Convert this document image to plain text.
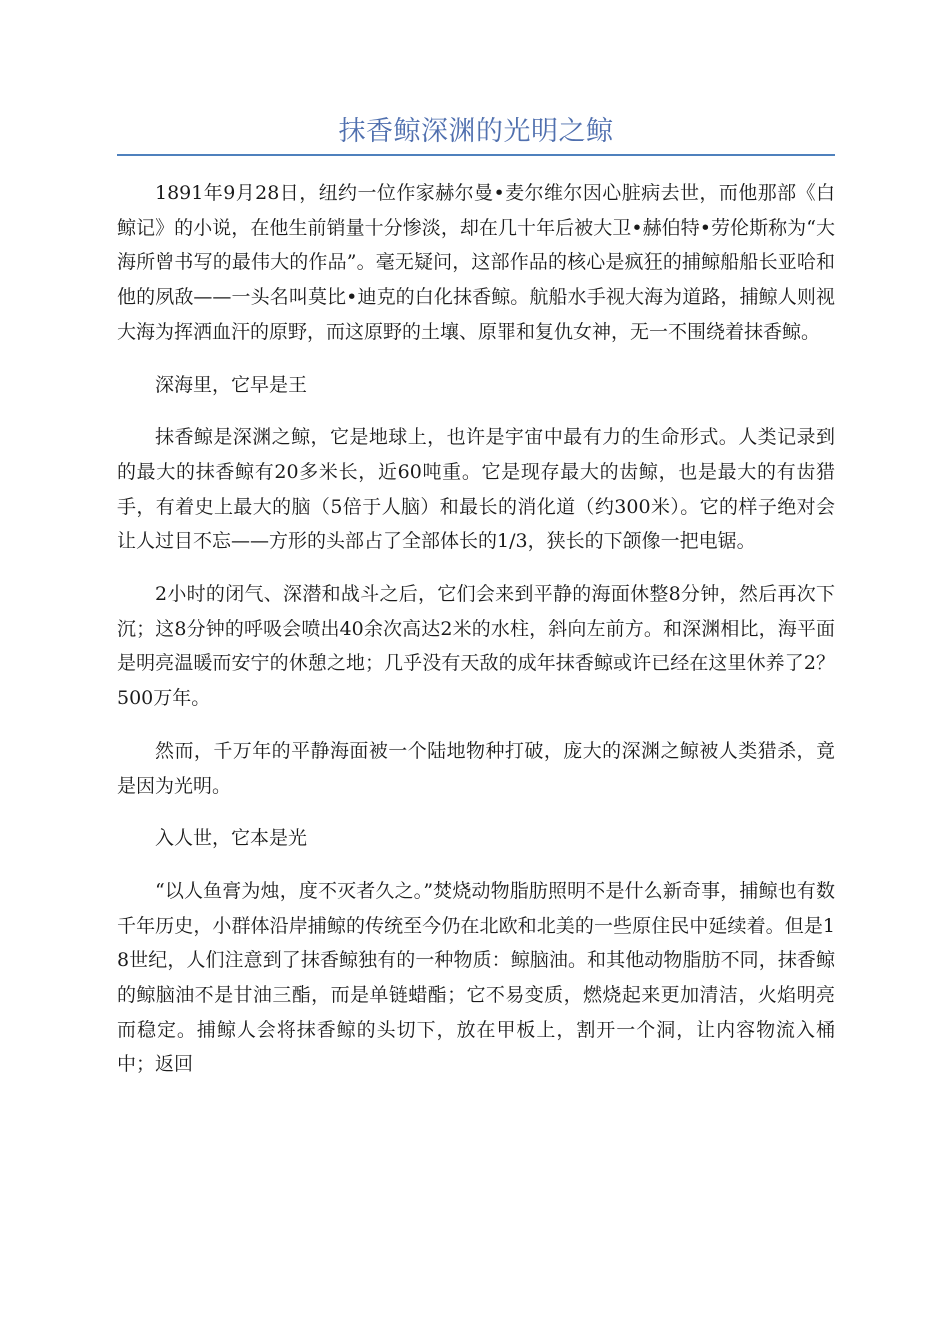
抹香鲸深渊的光明之鲸

1891年9月28日，纽约一位作家赫尔曼•麦尔维尔因心脏病去世，而他那部《白鲸记》的小说，在他生前销量十分惨淡，却在几十年后被大卫•赫伯特•劳伦斯称为“大海所曾书写的最伟大的作品”。毫无疑问，这部作品的核心是疯狂的捕鲸船船长亚哈和他的夙敌——一头名叫莫比•迪克的白化抹香鲸。航船水手视大海为道路，捕鲸人则视大海为挥洒血汗的原野，而这原野的土壤、原罪和复仇女神，无一不围绕着抹香鲸。

深海里，它早是王

抹香鲸是深渊之鲸，它是地球上，也许是宇宙中最有力的生命形式。人类记录到的最大的抹香鲸有20多米长，近60吨重。它是现存最大的齿鲸，也是最大的有齿猎手，有着史上最大的脑（5倍于人脑）和最长的消化道（约300米）。它的样子绝对会让人过目不忘——方形的头部占了全部体长的1/3，狭长的下颌像一把电锯。

2小时的闭气、深潜和战斗之后，它们会来到平静的海面休整8分钟，然后再次下沉；这8分钟的呼吸会喷出40余次高达2米的水柱，斜向左前方。和深渊相比，海平面是明亮温暖而安宁的休憩之地；几乎没有天敌的成年抹香鲸或许已经在这里休养了2？500万年。

然而，千万年的平静海面被一个陆地物种打破，庞大的深渊之鲸被人类猎杀，竟是因为光明。

入人世，它本是光

“以人鱼膏为烛，度不灭者久之。”焚烧动物脂肪照明不是什么新奇事，捕鲸也有数千年历史，小群体沿岸捕鲸的传统至今仍在北欧和北美的一些原住民中延续着。但是18世纪，人们注意到了抹香鲸独有的一种物质：鲸脑油。和其他动物脂肪不同，抹香鲸的鲸脑油不是甘油三酯，而是单链蜡酯；它不易变质，燃烧起来更加清洁，火焰明亮而稳定。捕鲸人会将抹香鲸的头切下，放在甲板上，割开一个洞，让内容物流入桶中；返回
